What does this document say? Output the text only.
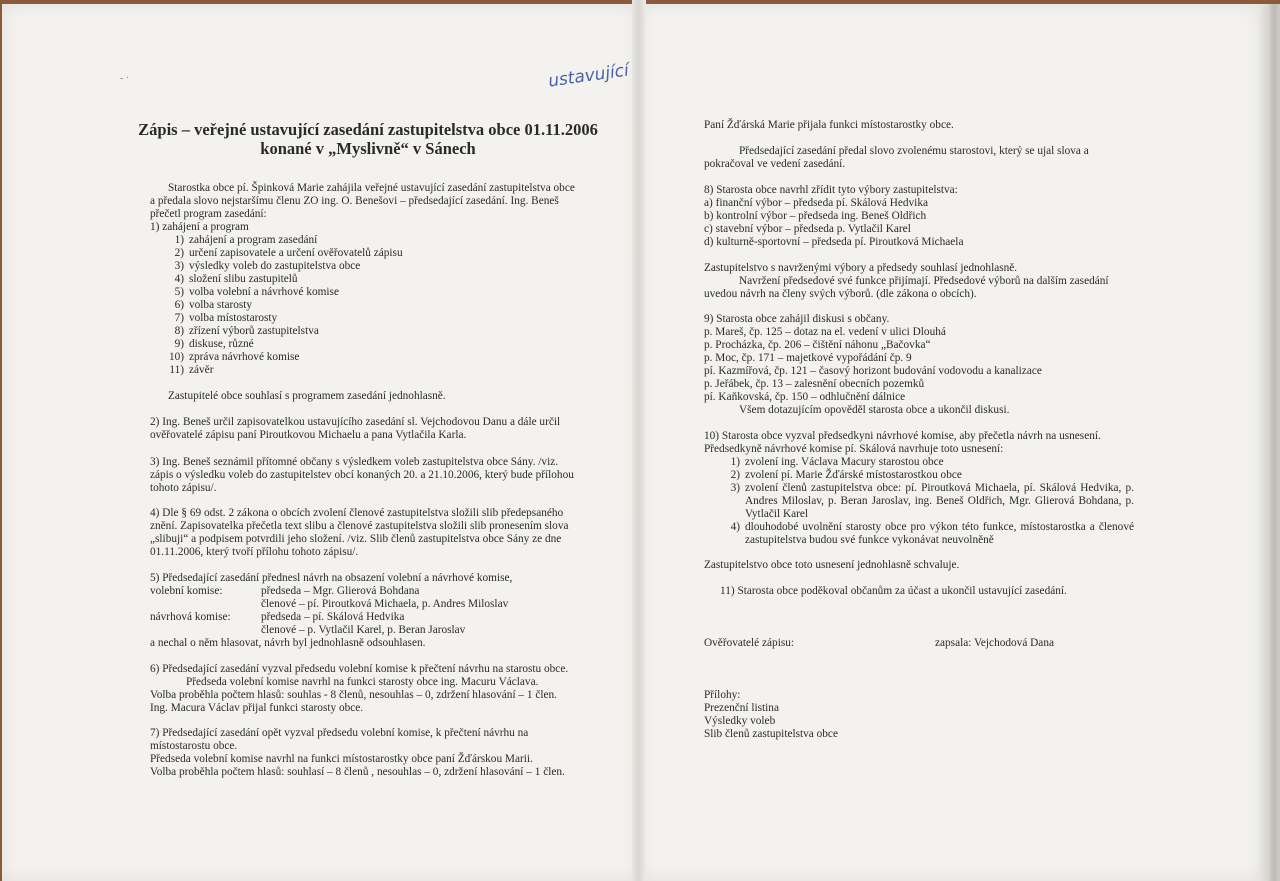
- ·	ustavující
Zápis – veřejné ustavující zasedání zastupitelstva obce 01.11.2006
konané v „Myslivně“ v Sánech
Starostka obce pí. Špinková Marie zahájila veřejné ustavující zasedání zastupitelstva obce
a předala slovo nejstaršímu členu ZO ing. O. Benešovi – předsedající zasedání. Ing. Beneš
přečetl program zasedání:
1) zahájení a program
1) zahájení a program zasedání
2) určení zapisovatele a určení ověřovatelů zápisu
3) výsledky voleb do zastupitelstva obce
4) složení slibu zastupitelů
5) volba volební a návrhové komise
6) volba starosty
7) volba místostarosty
8) zřízení výborů zastupitelstva
9) diskuse, různé
10) zpráva návrhové komise
11) závěr
Zastupitelé obce souhlasí s programem zasedání jednohlasně.
2) Ing. Beneš určil zapisovatelkou ustavujícího zasedání sl. Vejchodovou Danu a dále určil
ověřovatelé zápisu paní Piroutkovou Michaelu a pana Vytlačila Karla.
3) Ing. Beneš seznámil přítomné občany s výsledkem voleb zastupitelstva obce Sány. /viz.
zápis o výsledku voleb do zastupitelstev obcí konaných 20. a 21.10.2006, který bude přílohou
tohoto zápisu/.
4) Dle § 69 odst. 2 zákona o obcích zvolení členové zastupitelstva složili slib předepsaného
znění. Zapisovatelka přečetla text slibu a členové zastupitelstva složili slib pronesením slova
„slibuji“ a podpisem potvrdili jeho složení. /viz. Slib členů zastupitelstva obce Sány ze dne
01.11.2006, který tvoří přílohu tohoto zápisu/.
5) Předsedající zasedání přednesl návrh na obsazení volební a návrhové komise,
volební komise:	předseda – Mgr. Glierová Bohdana
členové – pí. Piroutková Michaela, p. Andres Miloslav
návrhová komise:	předseda – pí. Skálová Hedvika
členové – p. Vytlačil Karel, p. Beran Jaroslav
a nechal o něm hlasovat, návrh byl jednohlasně odsouhlasen.
6) Předsedající zasedání vyzval předsedu volební komise k přečtení návrhu na starostu obce.
Předseda volební komise navrhl na funkci starosty obce ing. Macuru Václava.
Volba proběhla počtem hlasů: souhlas - 8 členů, nesouhlas – 0, zdržení hlasování – 1 člen.
Ing. Macura Václav přijal funkci starosty obce.
7) Předsedající zasedání opět vyzval předsedu volební komise, k přečtení návrhu na
místostarostu obce.
Předseda volební komise navrhl na funkci místostarostky obce paní Žďárskou Marii.
Volba proběhla počtem hlasů: souhlasí – 8 členů , nesouhlas – 0, zdržení hlasování – 1 člen.
Paní Žďárská Marie přijala funkci místostarostky obce.
Předsedající zasedání předal slovo zvolenému starostovi, který se ujal slova a
pokračoval ve vedení zasedání.
8) Starosta obce navrhl zřídit tyto výbory zastupitelstva:
a) finanční výbor – předseda pí. Skálová Hedvika
b) kontrolní výbor – předseda ing. Beneš Oldřich
c) stavební výbor – předseda p. Vytlačil Karel
d) kulturně-sportovní – předseda pí. Piroutková Michaela
Zastupitelstvo s navrženými výbory a předsedy souhlasí jednohlasně.
Navržení předsedové své funkce přijímají. Předsedové výborů na dalším zasedání
uvedou návrh na členy svých výborů. (dle zákona o obcích).
9) Starosta obce zahájil diskusi s občany.
p. Mareš, čp. 125 – dotaz na el. vedení v ulici Dlouhá
p. Procházka, čp. 206 – čištění náhonu „Bačovka“
p. Moc, čp. 171 – majetkové vypořádání čp. 9
pí. Kazmířová, čp. 121 – časový horizont budování vodovodu a kanalizace
p. Jeřábek, čp. 13 – zalesnění obecních pozemků
pí. Kaňkovská, čp. 150 – odhlučnění dálnice
Všem dotazujícím opověděl starosta obce a ukončil diskusi.
10) Starosta obce vyzval předsedkyni návrhové komise, aby přečetla návrh na usnesení.
Předsedkyně návrhové komise pí. Skálová navrhuje toto usnesení:
1) zvolení ing. Václava Macury starostou obce
2) zvolení pí. Marie Žďárské místostarostkou obce
3) zvolení členů zastupitelstva obce: pí. Piroutková Michaela, pí. Skálová Hedvika, p. Andres Miloslav, p. Beran Jaroslav, ing. Beneš Oldřich, Mgr. Glierová Bohdana, p. Vytlačil Karel
4) dlouhodobé uvolnění starosty obce pro výkon této funkce, místostarostka a členové zastupitelstva budou své funkce vykonávat neuvolněně
Zastupitelstvo obce toto usnesení jednohlasně schvaluje.
11) Starosta obce poděkoval občanům za účast a ukončil ustavující zasedání.
Ověřovatelé zápisu:	zapsala: Vejchodová Dana
Přílohy:
Prezenční listina
Výsledky voleb
Slib členů zastupitelstva obce
